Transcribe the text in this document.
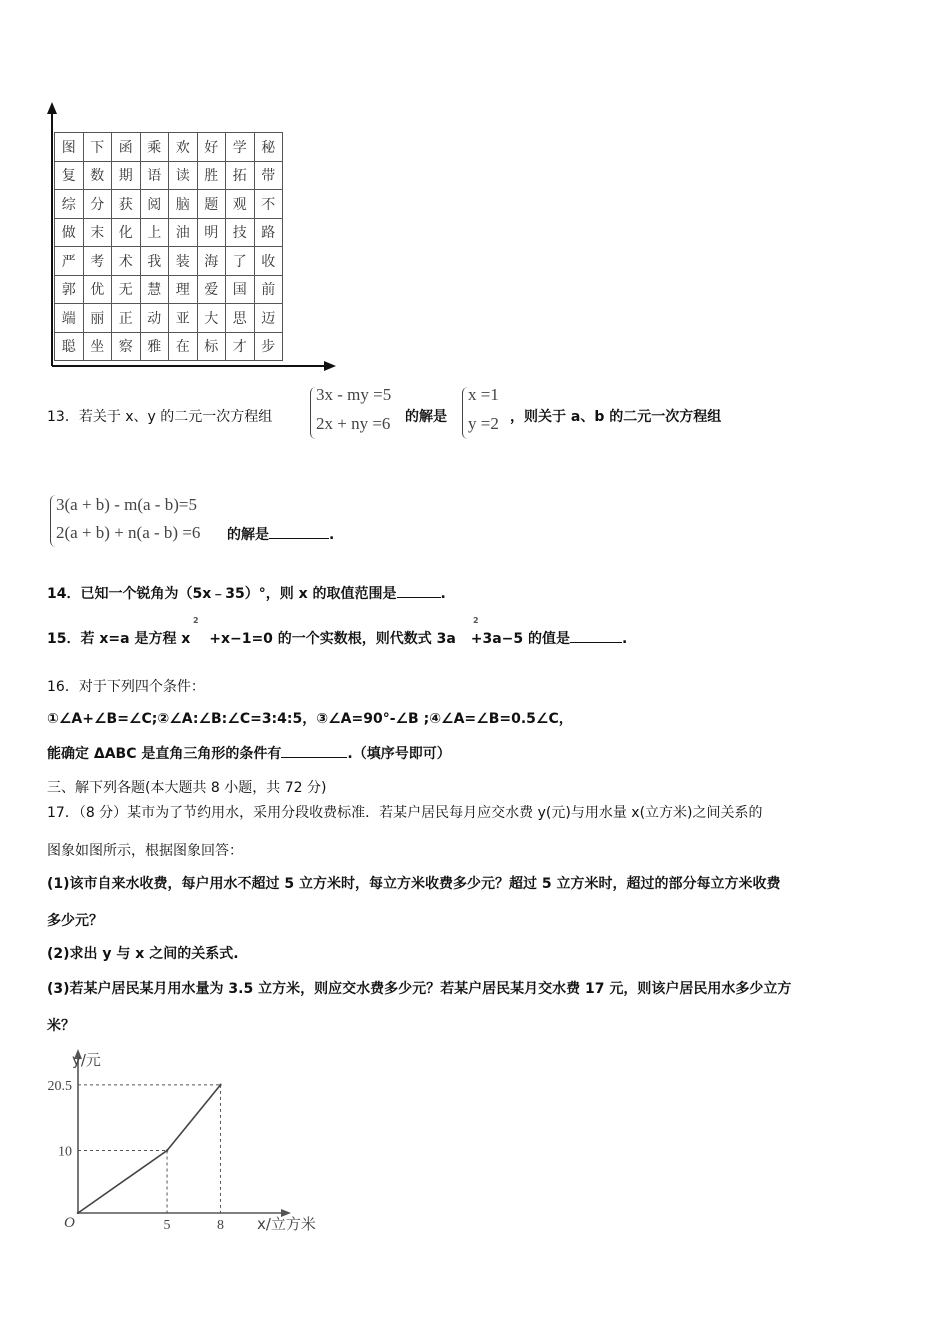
图	下	函	乘	欢	好	学	秘
复	数	期	语	读	胜	拓	带
综	分	获	阅	脑	题	观	不
做	末	化	上	油	明	技	路
严	考	术	我	装	海	了	收
郭	优	无	慧	理	爱	国	前
端	丽	正	动	亚	大	思	迈
聪	坐	察	雅	在	标	才	步
13．若关于 x、y 的二元一次方程组
3x - my =5
2x + ny =6 的解是
x =1
y =2 ，则关于 a、b 的二元一次方程组
3(a + b) - m(a - b)=5
2(a + b) + n(a - b) =6 的解是	.
14．已知一个锐角为（5x﹣35）°，则 x 的取值范围是	.
15．若 x=a 是方程 x
2
+x−1=0 的一个实数根，则代数式 3a
2
+3a−5 的值是	.
16．对于下列四个条件：
①∠A+∠B=∠C;②∠A:∠B:∠C=3:4:5，③∠A=90°-∠B ;④∠A=∠B=0.5∠C，
能确定 ΔABC 是直角三角形的条件有	.（填序号即可）
三、解下列各题(本大题共 8 小题，共 72 分)
17．（8 分）某市为了节约用水，采用分段收费标准．若某户居民每月应交水费 y(元)与用水量 x(立方米)之间关系的
图象如图所示，根据图象回答：
(1)该市自来水收费，每户用水不超过 5 立方米时，每立方米收费多少元？超过 5 立方米时，超过的部分每立方米收费
多少元？
(2)求出 y 与 x 之间的关系式.
(3)若某户居民某月用水量为 3.5 立方米，则应交水费多少元？若某户居民某月交水费 17 元，则该户居民用水多少立方
米？
10
20.5
5	8
O
y/元
x/立方米
